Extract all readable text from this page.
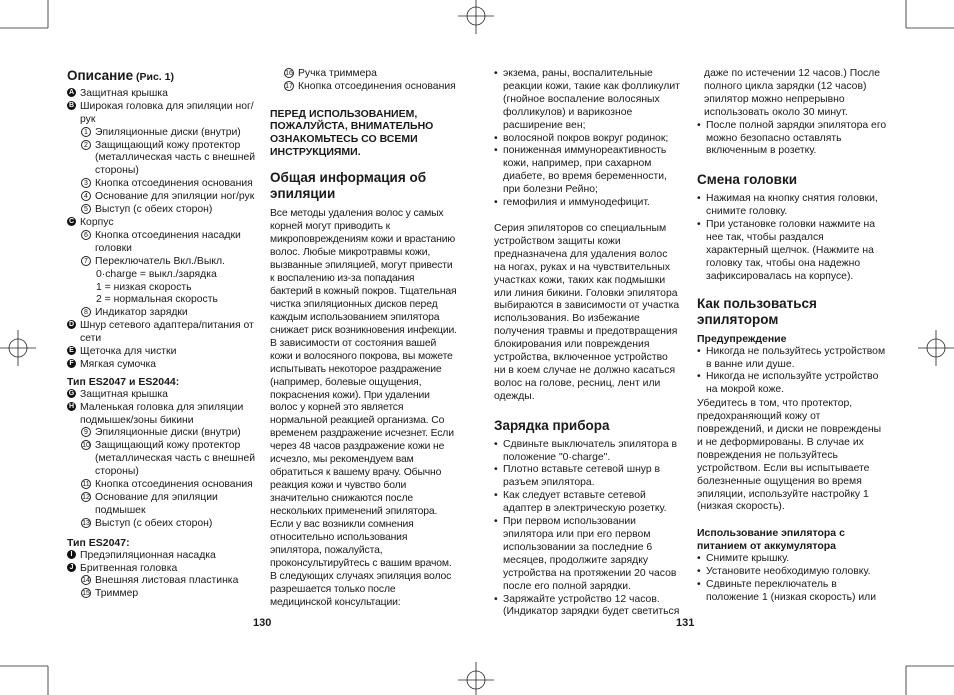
Описание (Рис. 1)

A Защитная крышка
B Широкая головка для эпиляции ног/рук
1 Эпиляционные диски (внутри)
2 Защищающий кожу протектор (металлическая часть с внешней стороны)
3 Кнопка отсоединения основания
4 Основание для эпиляции ног/рук
5 Выступ (с обеих сторон)
C Корпус
6 Кнопка отсоединения насадки головки
7 Переключатель Вкл./Выкл.
0·charge = выкл./зарядка
1 = низкая скорость
2 = нормальная скорость
8 Индикатор зарядки
D Шнур сетевого адаптера/питания от сети
E Щеточка для чистки
F Мягкая сумочка

Тип ES2047 и ES2044:

G Защитная крышка
H Маленькая головка для эпиляции подмышек/зоны бикини
9 Эпиляционные диски (внутри)
10 Защищающий кожу протектор (металлическая часть с внешней стороны)
11 Кнопка отсоединения основания
12 Основание для эпиляции подмышек
13 Выступ (с обеих сторон)

Тип ES2047:

I Предэпиляционная насадка
J Бритвенная головка
14 Внешняя листовая пластинка
15 Триммер
16 Ручка триммера
17 Кнопка отсоединения основания

ПЕРЕД ИСПОЛЬЗОВАНИЕМ, ПОЖАЛУЙСТА, ВНИМАТЕЛЬНО ОЗНАКОМЬТЕСЬ СО ВСЕМИ ИНСТРУКЦИЯМИ.

Общая информация об эпиляции

Все методы удаления волос у самых корней могут приводить к микроповреждениям кожи и врастанию волос. Любые микротравмы кожи, вызванные эпиляцией, могут привести к воспалению из-за попадания бактерий в кожный покров. Тщательная чистка эпиляционных дисков перед каждым использованием эпилятора снижает риск возникновения инфекции. В зависимости от состояния вашей кожи и волосяного покрова, вы можете испытывать некоторое раздражение (например, болевые ощущения, покраснения кожи). При удалении волос у корней это является нормальной реакцией организма. Со временем раздражение исчезнет. Если через 48 часов раздражение кожи не исчезло, мы рекомендуем вам обратиться к вашему врачу. Обычно реакция кожи и чувство боли значительно снижаются после нескольких применений эпилятора. Если у вас возникли сомнения относительно использования эпилятора, пожалуйста, проконсультируйтесь с вашим врачом. В следующих случаях эпиляция волос разрешается только после медицинской консультации:

130

• экзема, раны, воспалительные реакции кожи, такие как фолликулит (гнойное воспаление волосяных фолликулов) и варикозное расширение вен;

• волосяной покров вокруг родинок;

• пониженная иммунореактивность кожи, например, при сахарном диабете, во время беременности, при болезни Рейно;

• гемофилия и иммунодефицит.

Серия эпиляторов со специальным устройством защиты кожи предназначена для удаления волос на ногах, руках и на чувствительных участках кожи, таких как подмышки или линия бикини. Головки эпилятора выбираются в зависимости от участка использования. Во избежание получения травмы и предотвращения блокирования или повреждения устройства, включенное устройство ни в коем случае не должно касаться волос на голове, ресниц, лент или одежды.

Зарядка прибора

• Сдвиньте выключатель эпилятора в положение "0·charge".

• Плотно вставьте сетевой шнур в разъем эпилятора.

• Как следует вставьте сетевой адаптер в электрическую розетку.

• При первом использовании эпилятора или при его первом использовании за последние 6 месяцев, продолжите зарядку устройства на протяжении 20 часов после его полной зарядки.

• Заряжайте устройство 12 часов. (Индикатор зарядки будет светиться

даже по истечении 12 часов.) После полного цикла зарядки (12 часов) эпилятор можно непрерывно использовать около 30 минут.

• После полной зарядки эпилятора его можно безопасно оставлять включенным в розетку.

Смена головки

• Нажимая на кнопку снятия головки, снимите головку.

• При установке головки нажмите на нее так, чтобы раздался характерный щелчок. (Нажмите на головку так, чтобы она надежно зафиксировалась на корпусе).

Как пользоваться эпилятором

Предупреждение

• Никогда не пользуйтесь устройством в ванне или душе.

• Никогда не используйте устройство на мокрой коже.

Убедитесь в том, что протектор, предохраняющий кожу от повреждений, и диски не повреждены и не деформированы. В случае их повреждения не пользуйтесь устройством. Если вы испытываете болезненные ощущения во время эпиляции, используйте настройку 1 (низкая скорость).

Использование эпилятора с питанием от аккумулятора

• Снимите крышку.

• Установите необходимую головку.

• Сдвиньте переключатель в положение 1 (низкая скорость) или

131
